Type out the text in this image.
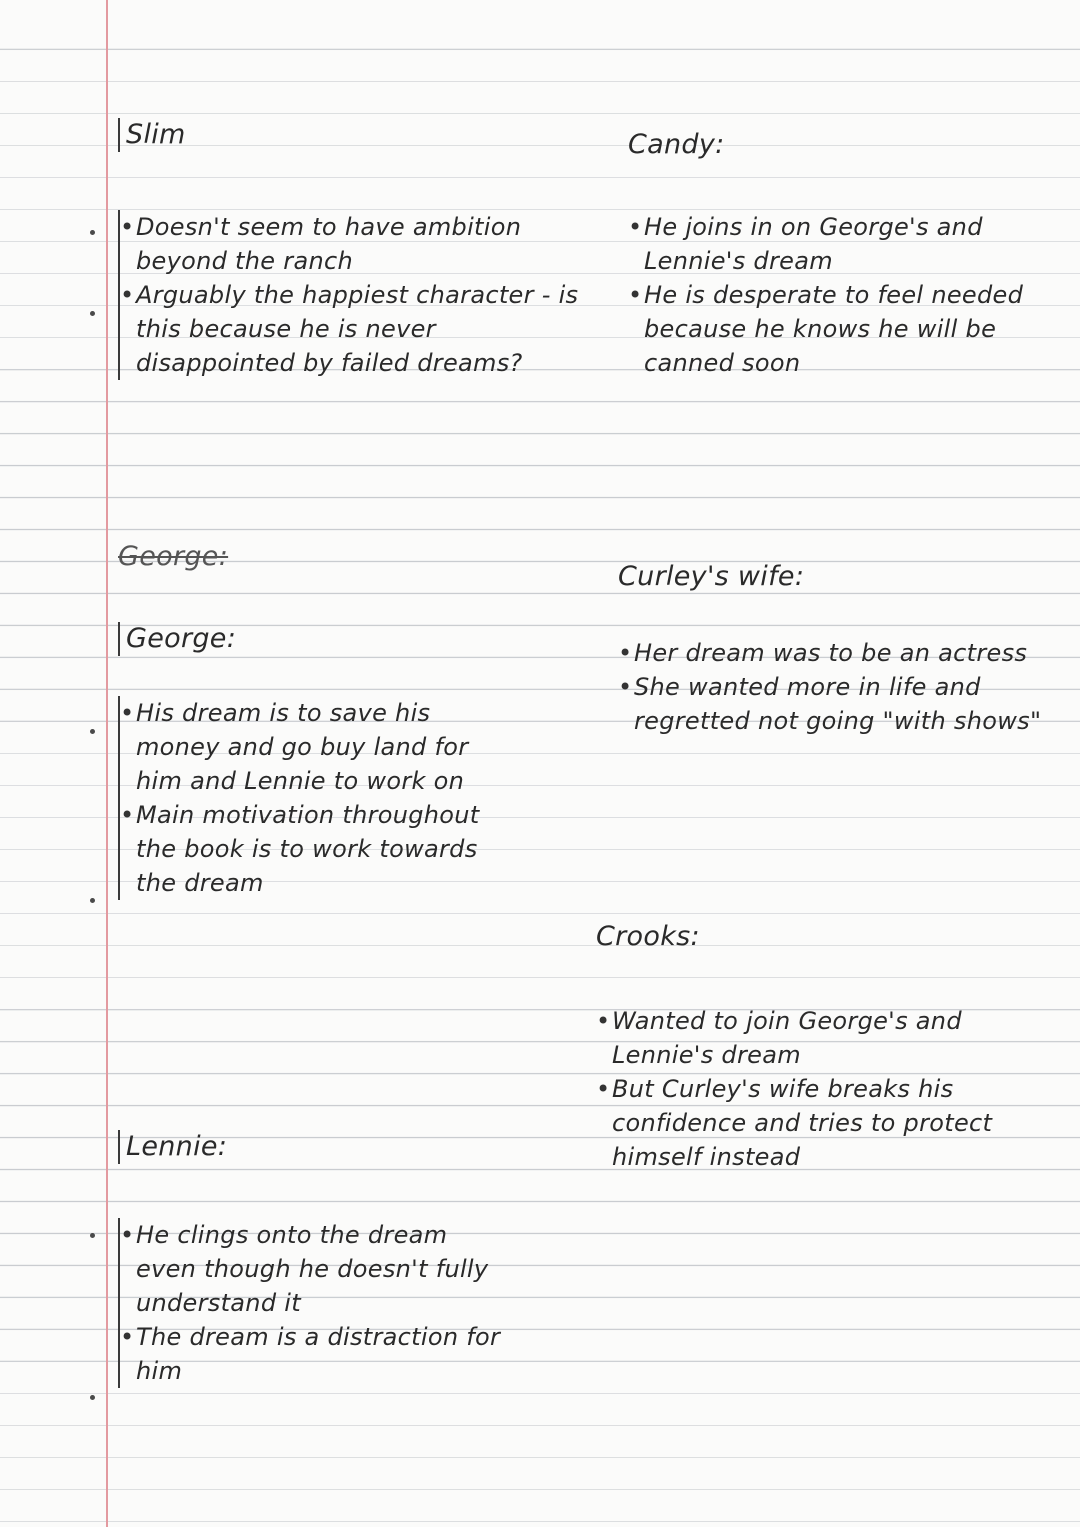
Slim
• Doesn't seem to have ambition beyond the ranch
• Arguably the happiest character - is this because he is never disappointed by failed dreams?
Candy:
• He joins in on George's and Lennie's dream
• He is desperate to feel needed because he knows he will be canned soon
George:
George:
• His dream is to save his money and go buy land for him and Lennie to work on
• Main motivation throughout the book is to work towards the dream
Curley's wife:
• Her dream was to be an actress
• She wanted more in life and regretted not going "with shows"
Crooks:
• Wanted to join George's and Lennie's dream
• But Curley's wife breaks his confidence and tries to protect himself instead
Lennie:
• He clings onto the dream even though he doesn't fully understand it
• The dream is a distraction for him
